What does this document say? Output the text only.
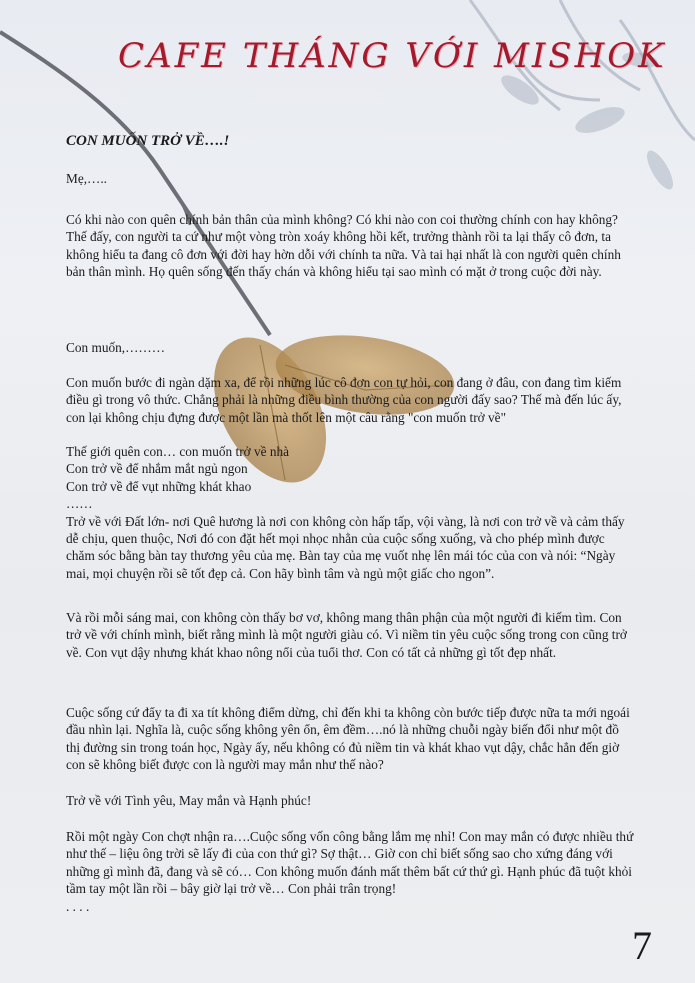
CAFE THÁNG VỚI MISHOK
CON MUỐN TRỞ VỀ….!
Mẹ,…..
Có khi nào con quên chính bản thân của mình không? Có khi nào con coi thường chính con hay không?
Thế đấy, con người ta cứ như một vòng tròn xoáy không hồi kết, trưởng thành rồi ta lại thấy cô đơn, ta không hiểu ta đang cô đơn với đời hay hờn dỗi với chính ta nữa. Và tai hại nhất là con người quên chính bản thân mình. Họ quên sống đến thấy chán và không hiểu tại sao mình có mặt ở trong cuộc đời này.
Con muốn,………
Con muốn bước đi ngàn dặm xa, để rồi những lúc cô đơn con tự hỏi, con đang ở đâu, con đang tìm kiếm điều gì trong vô thức. Chẳng phải là những điều bình thường của con người đấy sao? Thế mà đến lúc ấy, con lại không chịu đựng được một lần mà thốt lên một câu rằng "con muốn trở về"
Thế giới quên con… con muốn trở về nhà
Con trở về để nhắm mắt ngủ ngon
Con trở về để vụt những khát khao
……
Trở về với Đất lớn- nơi Quê hương là nơi con không còn hấp tấp, vội vàng, là nơi con trở về và cảm thấy dễ chịu, quen thuộc, Nơi đó con đặt hết mọi nhọc nhằn của cuộc sống xuống, và cho phép mình được chăm sóc bằng bàn tay thương yêu của mẹ. Bàn tay của mẹ vuốt nhẹ lên mái tóc của con và nói: “Ngày mai, mọi chuyện rồi sẽ tốt đẹp cả. Con hãy bình tâm và ngủ một giấc cho ngon”.
Và rồi mỗi sáng mai, con không còn thấy bơ vơ, không mang thân phận của một người đi kiếm tìm. Con trở về với chính mình, biết rằng mình là một người giàu có. Vì niềm tin yêu cuộc sống trong con cũng trở về. Con vụt dậy nhưng khát khao nông nổi của tuổi thơ. Con có tất cả những gì tốt đẹp nhất.
Cuộc sống cứ đẩy ta đi xa tít không điểm dừng, chỉ đến khi ta không còn bước tiếp được nữa ta mới ngoái đầu nhìn lại. Nghĩa là, cuộc sống không yên ổn, êm đềm….nó là những chuỗi ngày biến đổi như một đồ thị đường sin trong toán học, Ngày ấy, nếu không có đủ niềm tin và khát khao vụt dậy, chắc hẳn đến giờ con sẽ không biết được con là người may mắn như thế nào?
Trở về với Tình yêu, May mắn và Hạnh phúc!
Rồi một ngày Con chợt nhận ra….Cuộc sống vốn công bằng lắm mẹ nhỉ! Con may mắn có được nhiều thứ như thế – liệu ông trời sẽ lấy đi của con thứ gì? Sợ thật… Giờ con chỉ biết sống sao cho xứng đáng với những gì mình đã, đang và sẽ có… Con không muốn đánh mất thêm bất cứ thứ gì. Hạnh phúc đã tuột khỏi tầm tay một lần rồi – bây giờ lại trở về… Con phải trân trọng!
. . . .
7
